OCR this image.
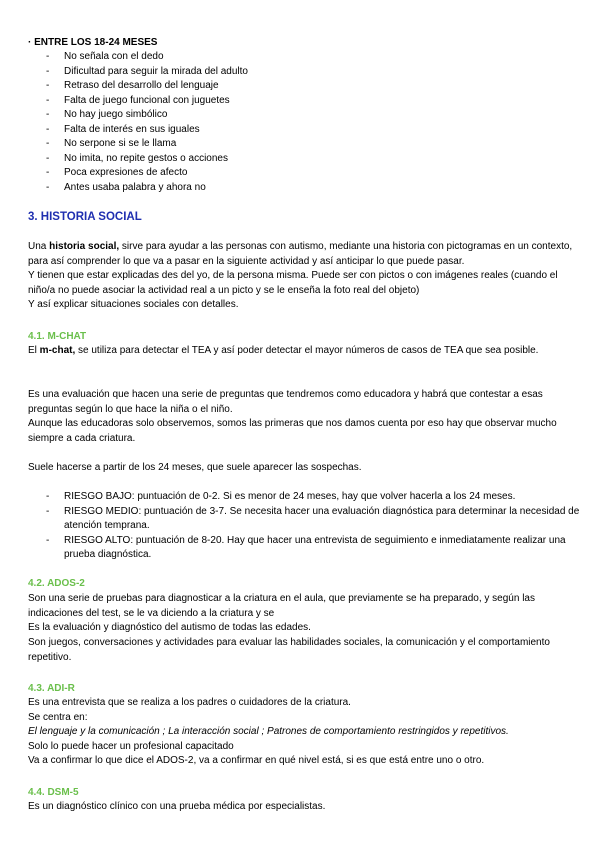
· ENTRE LOS 18-24 MESES
- No señala con el dedo
- Dificultad para seguir la mirada del adulto
- Retraso del desarrollo del lenguaje
- Falta de juego funcional con juguetes
- No hay juego simbólico
- Falta de interés en sus iguales
- No serpone si se le llama
- No imita, no repite gestos o acciones
- Poca expresiones de afecto
- Antes usaba palabra y ahora no
3. HISTORIA SOCIAL

Una historia social, sirve para ayudar a las personas con autismo, mediante una historia con pictogramas en un contexto, para así comprender lo que va a pasar en la siguiente actividad y así anticipar lo que puede pasar.

Y tienen que estar explicadas des del yo, de la persona misma. Puede ser con pictos o con imágenes reales (cuando el niño/a no puede asociar la actividad real a un picto y se le enseña la foto real del objeto)

Y así explicar situaciones sociales con detalles.

4.1. M-CHAT

El m-chat, se utiliza para detectar el TEA y así poder detectar el mayor números de casos de TEA que sea posible.

Es una evaluación que hacen una serie de preguntas que tendremos como educadora y habrá que contestar a esas preguntas según lo que hace la niña o el niño.

Aunque las educadoras solo observemos, somos las primeras que nos damos cuenta por eso hay que observar mucho siempre a cada criatura.

Suele hacerse a partir de los 24 meses, que suele aparecer las sospechas.

- RIESGO BAJO: puntuación de 0-2. Si es menor de 24 meses, hay que volver hacerla a los 24 meses.
- RIESGO MEDIO: puntuación de 3-7. Se necesita hacer una evaluación diagnóstica para determinar la necesidad de atención temprana.
- RIESGO ALTO: puntuación de 8-20. Hay que hacer una entrevista de seguimiento e inmediatamente realizar una prueba diagnóstica.
4.2. ADOS-2

Son una serie de pruebas para diagnosticar a la criatura en el aula, que previamente se ha preparado, y según las indicaciones del test, se le va diciendo a la criatura y se

Es la evaluación y diagnóstico del autismo de todas las edades.

Son juegos, conversaciones y actividades para evaluar las habilidades sociales, la comunicación y el comportamiento repetitivo.

4.3. ADI-R

Es una entrevista que se realiza a los padres o cuidadores de la criatura.

Se centra en:

El lenguaje y la comunicación ; La interacción social ; Patrones de comportamiento restringidos y repetitivos.

Solo lo puede hacer un profesional capacitado

Va a confirmar lo que dice el ADOS-2, va a confirmar en qué nivel está, si es que está entre uno o otro.

4.4. DSM-5

Es un diagnóstico clínico con una prueba médica por especialistas.
